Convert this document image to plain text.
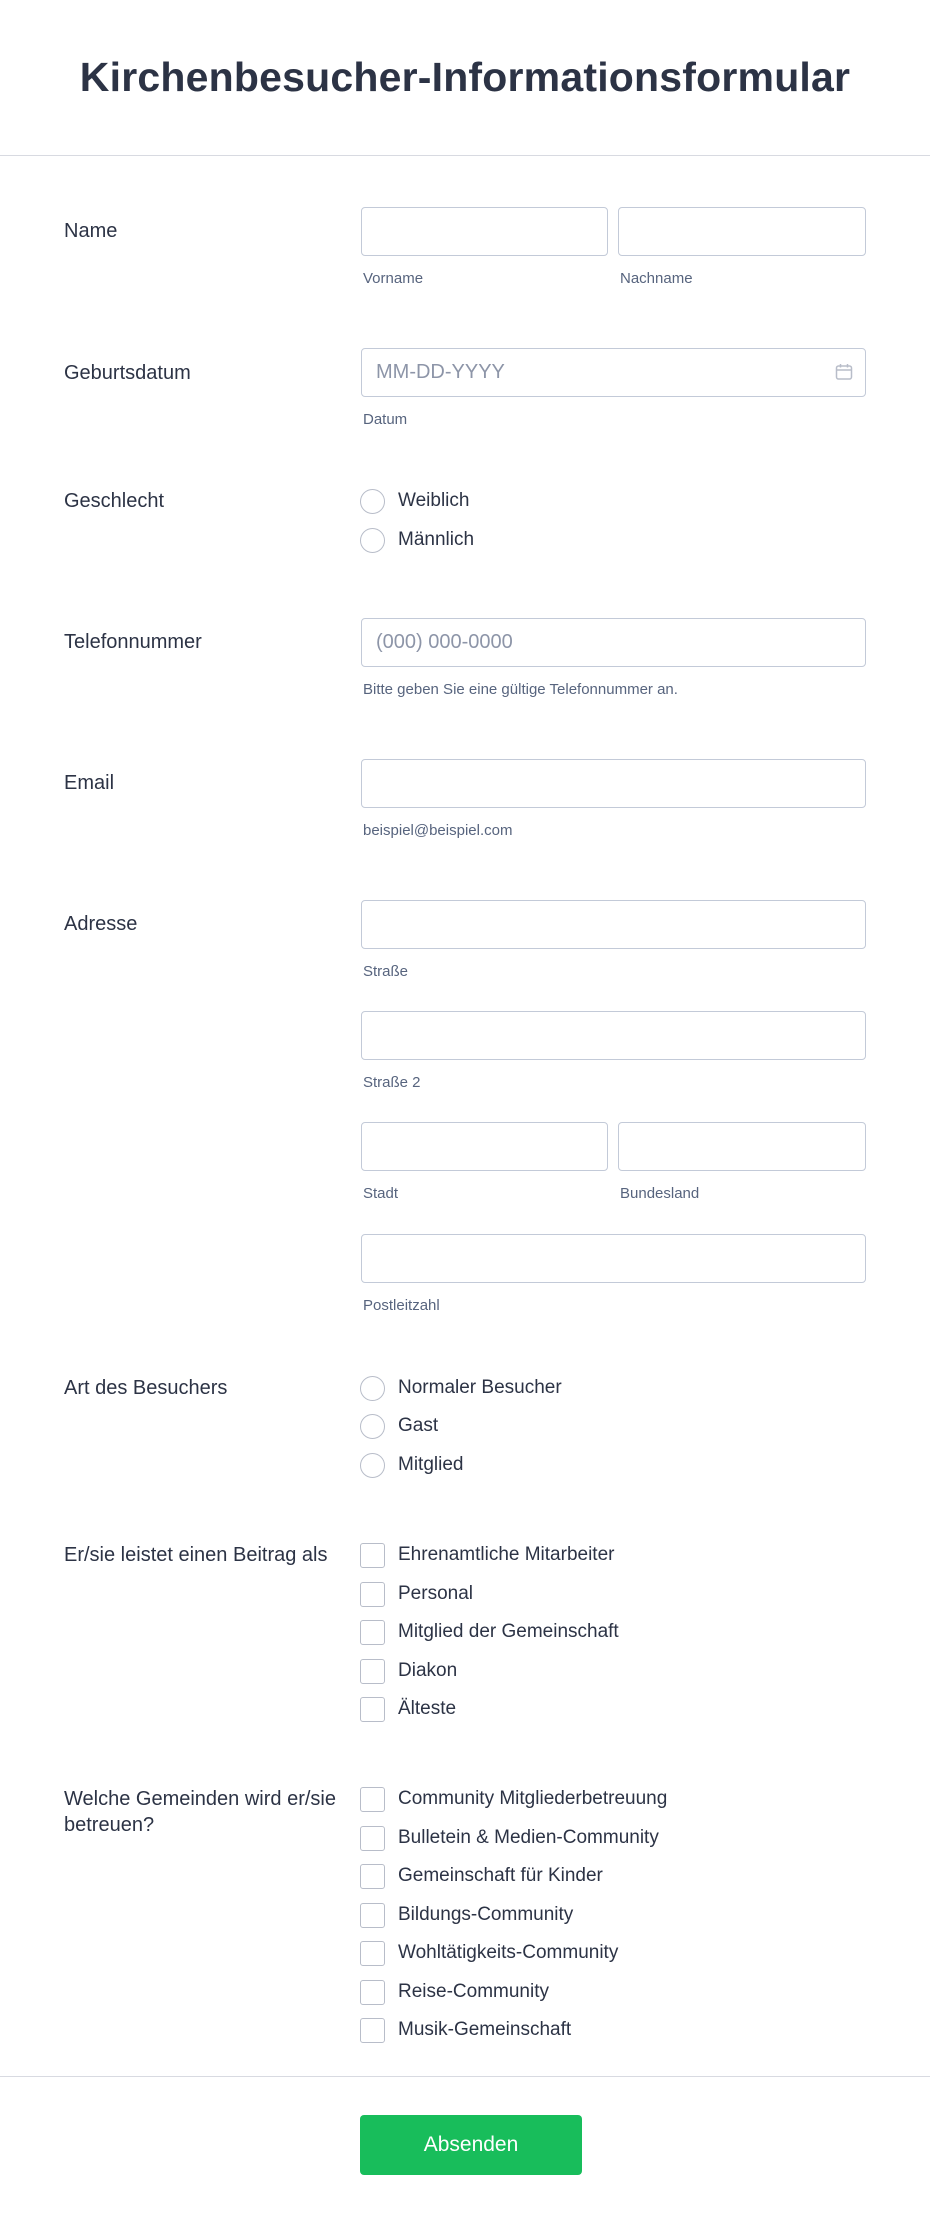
Kirchenbesucher-Informationsformular
Name
Vorname	Nachname
Geburtsdatum	MM-DD-YYYY
Datum
Geschlecht	Weiblich
Männlich
Telefonnummer	(000) 000-0000
Bitte geben Sie eine gültige Telefonnummer an.
Email
beispiel@beispiel.com
Adresse
Straße
Straße 2
Stadt	Bundesland
Postleitzahl
Art des Besuchers	Normaler Besucher
Gast
Mitglied
Er/sie leistet einen Beitrag als	Ehrenamtliche Mitarbeiter
Personal
Mitglied der Gemeinschaft
Diakon
Älteste
Welche Gemeinden wird er/sie betreuen?
Community Mitgliederbetreuung
Bulletein & Medien-Community
Gemeinschaft für Kinder
Bildungs-Community
Wohltätigkeits-Community
Reise-Community
Musik-Gemeinschaft
Absenden
